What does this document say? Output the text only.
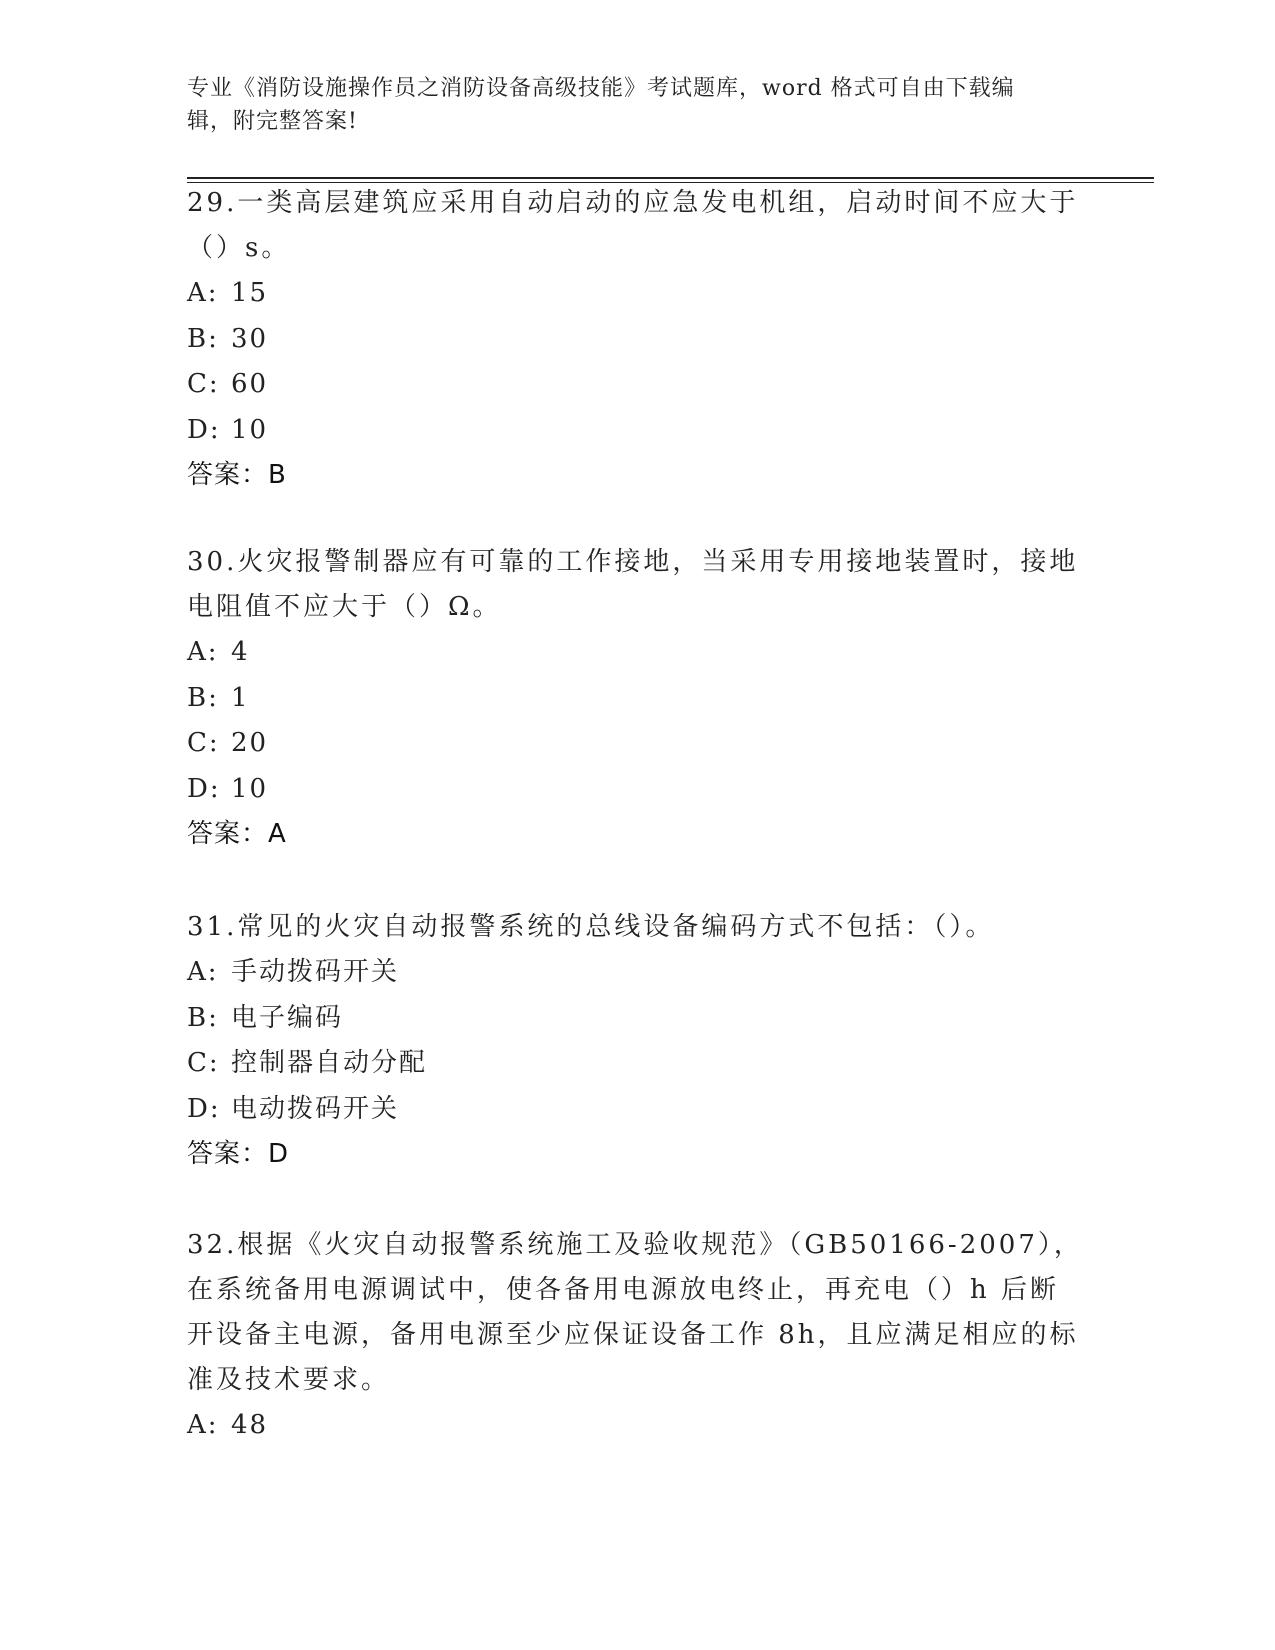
专业《消防设施操作员之消防设备高级技能》考试题库，word 格式可自由下载编
辑，附完整答案!

29.一类高层建筑应采用自动启动的应急发电机组，启动时间不应大于（）s。

A: 15

B: 30

C: 60

D: 10

答案：B

30.火灾报警制器应有可靠的工作接地，当采用专用接地装置时，接地电阻值不应大于（）Ω。

A: 4

B: 1

C: 20

D: 10

答案：A

31.常见的火灾自动报警系统的总线设备编码方式不包括：（）。

A: 手动拨码开关

B: 电子编码

C: 控制器自动分配

D: 电动拨码开关

答案：D

32.根据《火灾自动报警系统施工及验收规范》（GB50166-2007），在系统备用电源调试中，使各备用电源放电终止，再充电（）h 后断开设备主电源，备用电源至少应保证设备工作 8h，且应满足相应的标准及技术要求。

A: 48
